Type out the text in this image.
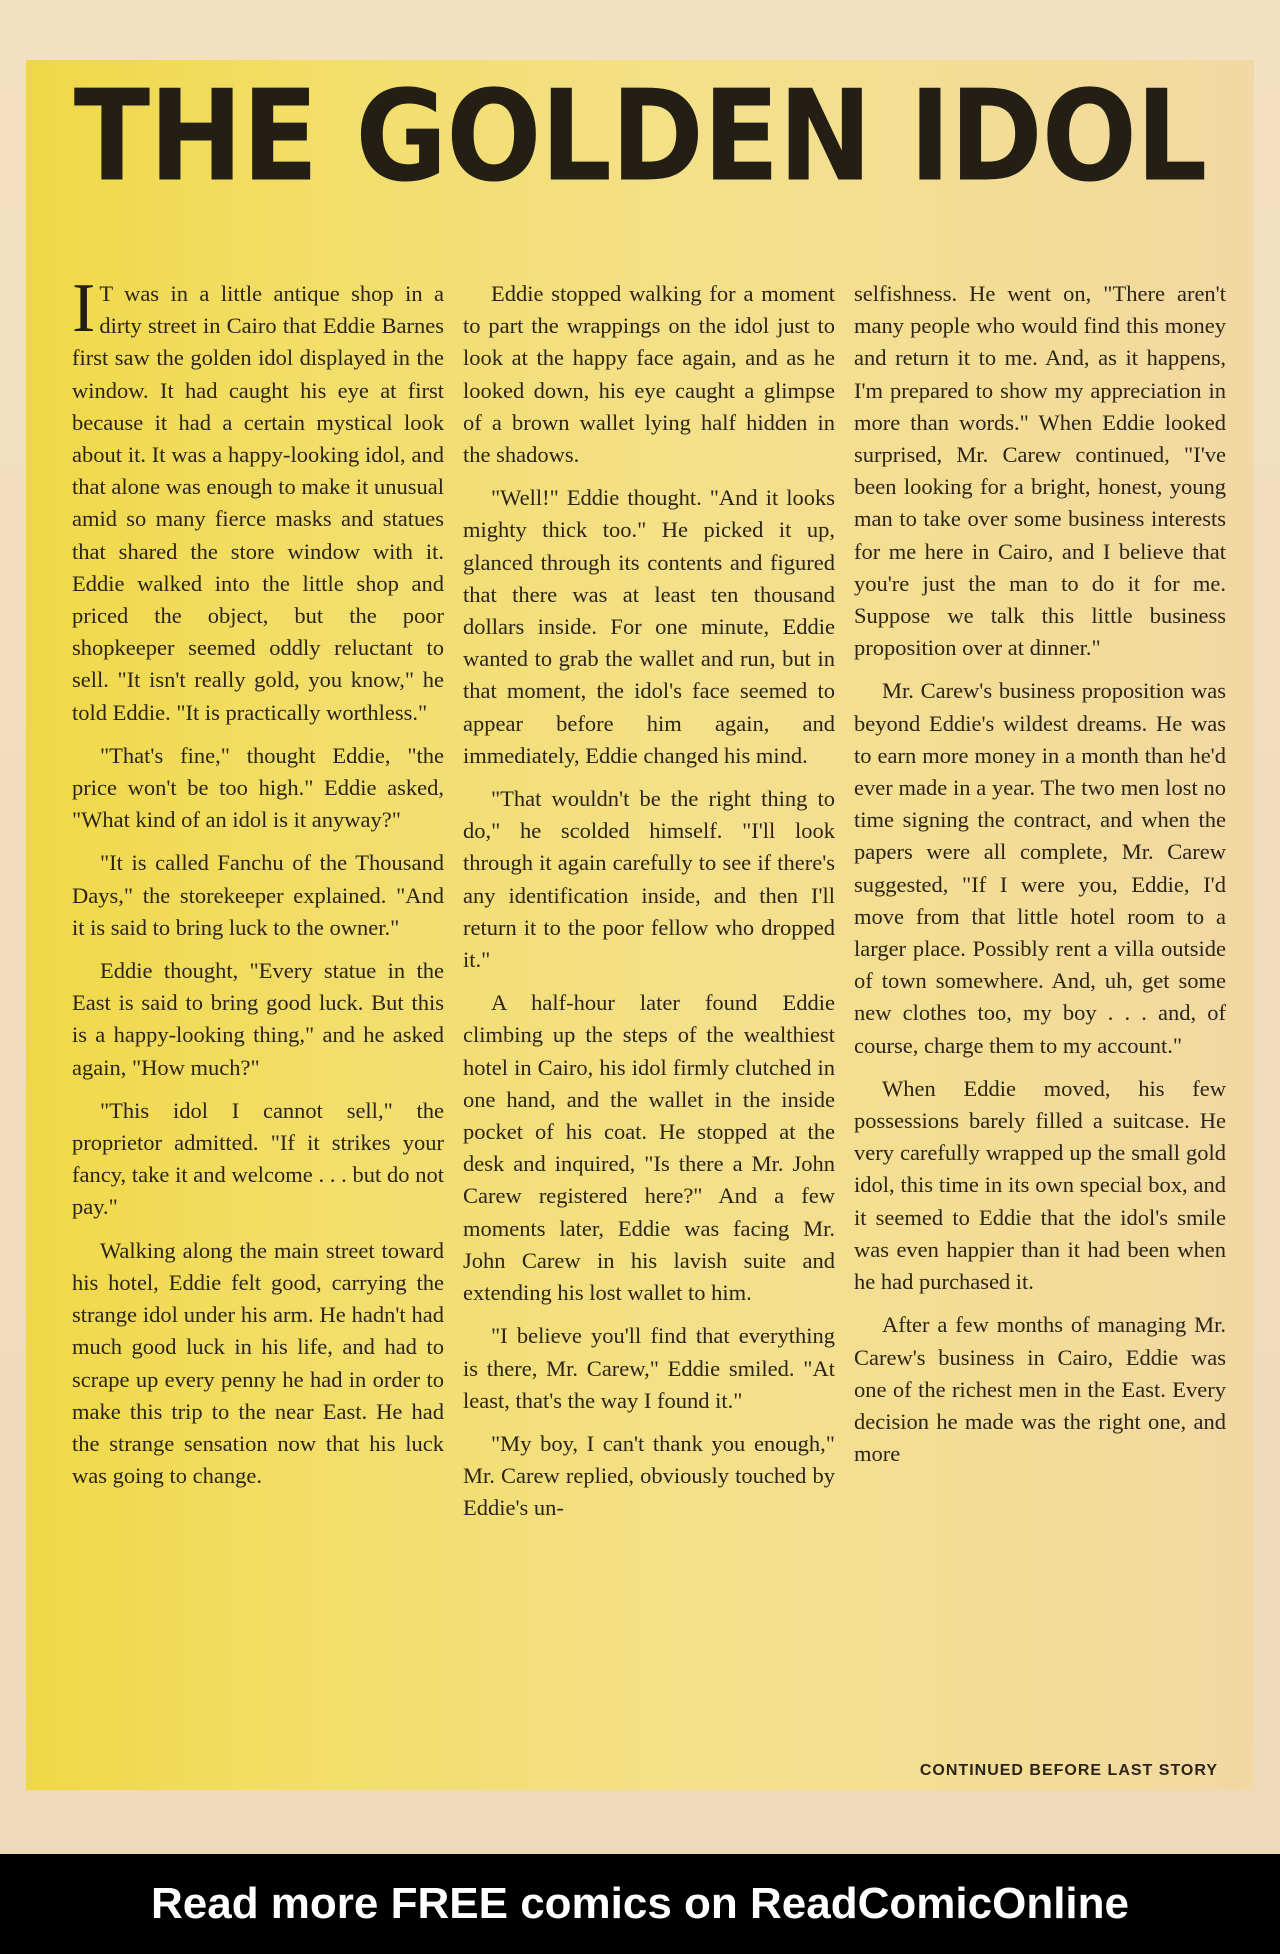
THE GOLDEN IDOL

I T was in a little antique shop in a dirty street in Cairo that Eddie Barnes first saw the golden idol displayed in the window. It had caught his eye at first because it had a certain mystical look about it. It was a happy-looking idol, and that alone was enough to make it unusual amid so many fierce masks and statues that shared the store window with it. Eddie walked into the little shop and priced the object, but the poor shopkeeper seemed oddly reluctant to sell. "It isn't really gold, you know," he told Eddie. "It is practically worthless."

"That's fine," thought Eddie, "the price won't be too high." Eddie asked, "What kind of an idol is it anyway?"

"It is called Fanchu of the Thousand Days," the storekeeper explained. "And it is said to bring luck to the owner."

Eddie thought, "Every statue in the East is said to bring good luck. But this is a happy-looking thing," and he asked again, "How much?"

"This idol I cannot sell," the proprietor admitted. "If it strikes your fancy, take it and welcome . . . but do not pay."

Walking along the main street toward his hotel, Eddie felt good, carrying the strange idol under his arm. He hadn't had much good luck in his life, and had to scrape up every penny he had in order to make this trip to the near East. He had the strange sensation now that his luck was going to change.

Eddie stopped walking for a moment to part the wrappings on the idol just to look at the happy face again, and as he looked down, his eye caught a glimpse of a brown wallet lying half hidden in the shadows.

"Well!" Eddie thought. "And it looks mighty thick too." He picked it up, glanced through its contents and figured that there was at least ten thousand dollars inside. For one minute, Eddie wanted to grab the wallet and run, but in that moment, the idol's face seemed to appear before him again, and immediately, Eddie changed his mind.

"That wouldn't be the right thing to do," he scolded himself. "I'll look through it again carefully to see if there's any identification inside, and then I'll return it to the poor fellow who dropped it."

A half-hour later found Eddie climbing up the steps of the wealthiest hotel in Cairo, his idol firmly clutched in one hand, and the wallet in the inside pocket of his coat. He stopped at the desk and inquired, "Is there a Mr. John Carew registered here?" And a few moments later, Eddie was facing Mr. John Carew in his lavish suite and extending his lost wallet to him.

"I believe you'll find that everything is there, Mr. Carew," Eddie smiled. "At least, that's the way I found it."

"My boy, I can't thank you enough," Mr. Carew replied, obviously touched by Eddie's un-

selfishness. He went on, "There aren't many people who would find this money and return it to me. And, as it happens, I'm prepared to show my appreciation in more than words." When Eddie looked surprised, Mr. Carew continued, "I've been looking for a bright, honest, young man to take over some business interests for me here in Cairo, and I believe that you're just the man to do it for me. Suppose we talk this little business proposition over at dinner."

Mr. Carew's business proposition was beyond Eddie's wildest dreams. He was to earn more money in a month than he'd ever made in a year. The two men lost no time signing the contract, and when the papers were all complete, Mr. Carew suggested, "If I were you, Eddie, I'd move from that little hotel room to a larger place. Possibly rent a villa outside of town somewhere. And, uh, get some new clothes too, my boy . . . and, of course, charge them to my account."

When Eddie moved, his few possessions barely filled a suitcase. He very carefully wrapped up the small gold idol, this time in its own special box, and it seemed to Eddie that the idol's smile was even happier than it had been when he had purchased it.

After a few months of managing Mr. Carew's business in Cairo, Eddie was one of the richest men in the East. Every decision he made was the right one, and more

CONTINUED BEFORE LAST STORY
Read more FREE comics on ReadComicOnline
